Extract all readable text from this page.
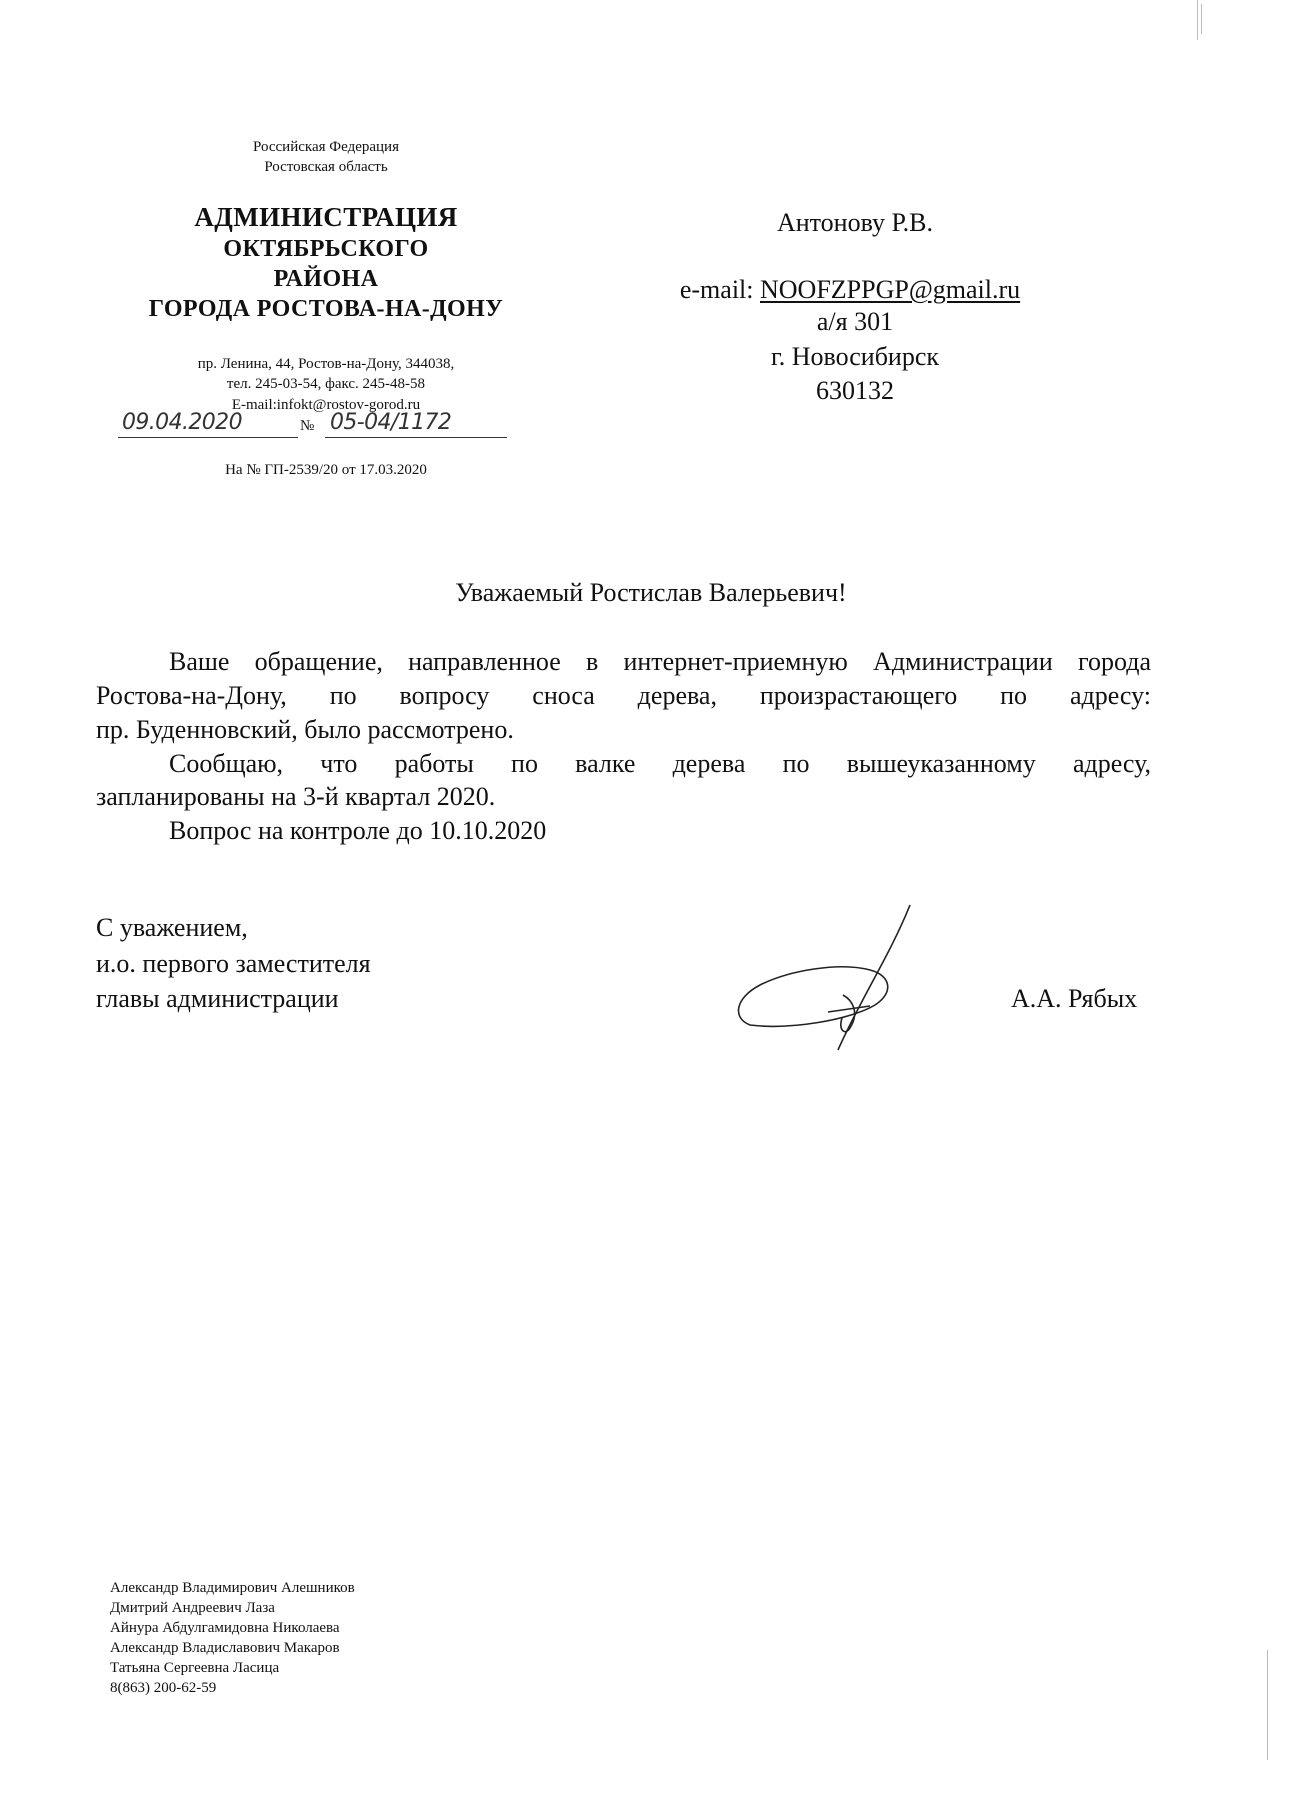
Российская Федерация
Ростовская область
АДМИНИСТРАЦИЯ
ОКТЯБРЬСКОГО
РАЙОНА
ГОРОДА РОСТОВА-НА-ДОНУ
пр. Ленина, 44, Ростов-на-Дону, 344038,
тел. 245-03-54, факс. 245-48-58
E-mail:infokt@rostov-gorod.ru
09.04.2020	№ 05-04/1172
На № ГП-2539/20 от 17.03.2020
Антонову Р.В.
e-mail: NOOFZPPGP@gmail.ru
а/я 301
г. Новосибирск
630132
Уважаемый Ростислав Валерьевич!
Ваше обращение, направленное в интернет-приемную Администрации города
Ростова-на-Дону, по вопросу сноса дерева, произрастающего по адресу:
пр. Буденновский, было рассмотрено.
Сообщаю, что работы по валке дерева по вышеуказанному адресу,
запланированы на 3-й квартал 2020.
Вопрос на контроле до 10.10.2020
С уважением,
и.о. первого заместителя
главы администрации	А.А. Рябых
Александр Владимирович Алешников
Дмитрий Андреевич Лаза
Айнура Абдулгамидовна Николаева
Александр Владиславович Макаров
Татьяна Сергеевна Ласица
8(863) 200-62-59
